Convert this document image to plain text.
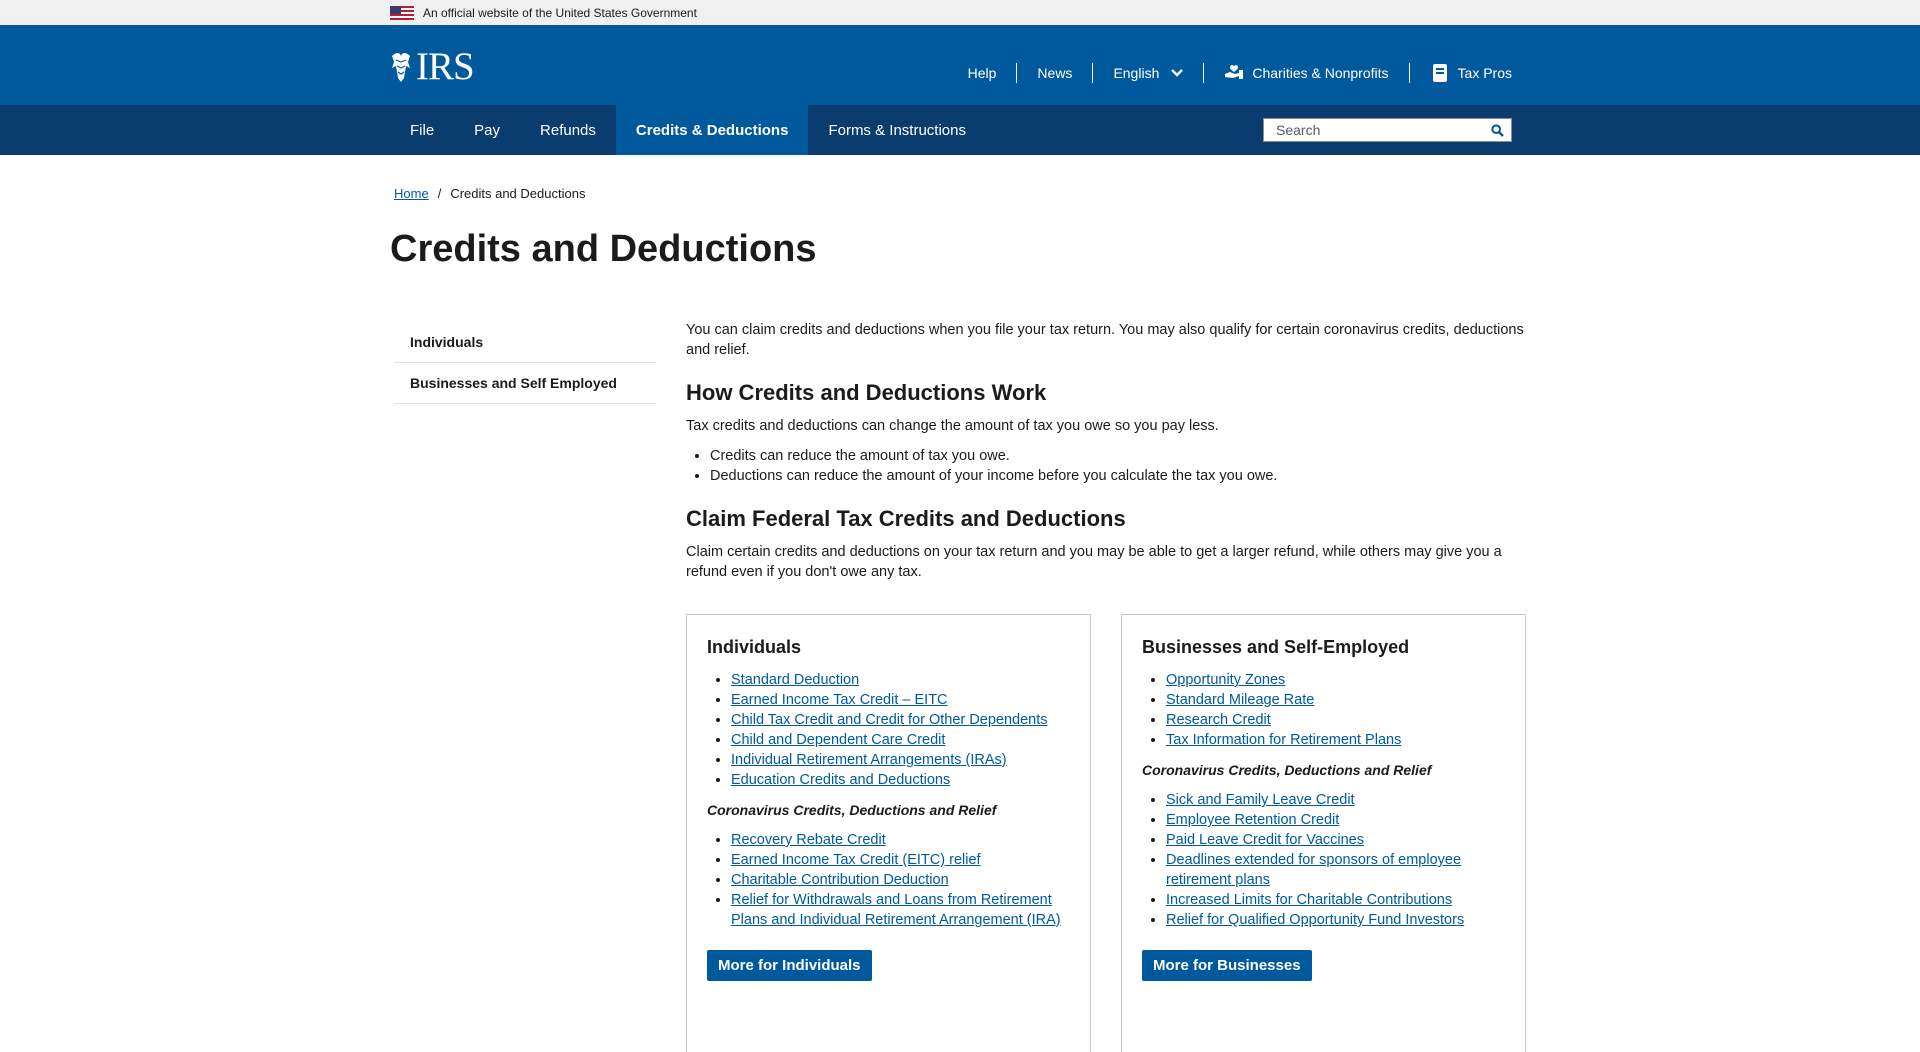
An official website of the United States Government
IRS	Help	News	English	Charities & Nonprofits	Tax Pros
File	Pay	Refunds	Credits & Deductions	Forms & Instructions
Search
Home / Credits and Deductions
Credits and Deductions
Individuals
Businesses and Self Employed

You can claim credits and deductions when you file your tax return. You may also qualify for certain coronavirus credits, deductions and relief.

How Credits and Deductions Work

Tax credits and deductions can change the amount of tax you owe so you pay less.

• Credits can reduce the amount of tax you owe.
• Deductions can reduce the amount of your income before you calculate the tax you owe.
Claim Federal Tax Credits and Deductions

Claim certain credits and deductions on your tax return and you may be able to get a larger refund, while others may give you a refund even if you don't owe any tax.

Individuals
• Standard Deduction
• Earned Income Tax Credit – EITC
• Child Tax Credit and Credit for Other Dependents
• Child and Dependent Care Credit
• Individual Retirement Arrangements (IRAs)
• Education Credits and Deductions
Coronavirus Credits, Deductions and Relief
• Recovery Rebate Credit
• Earned Income Tax Credit (EITC) relief
• Charitable Contribution Deduction
• Relief for Withdrawals and Loans from Retirement Plans and Individual Retirement Arrangement (IRA)
More for Individuals
Businesses and Self-Employed
• Opportunity Zones
• Standard Mileage Rate
• Research Credit
• Tax Information for Retirement Plans
Coronavirus Credits, Deductions and Relief
• Sick and Family Leave Credit
• Employee Retention Credit
• Paid Leave Credit for Vaccines
• Deadlines extended for sponsors of employee retirement plans
• Increased Limits for Charitable Contributions
• Relief for Qualified Opportunity Fund Investors
More for Businesses
